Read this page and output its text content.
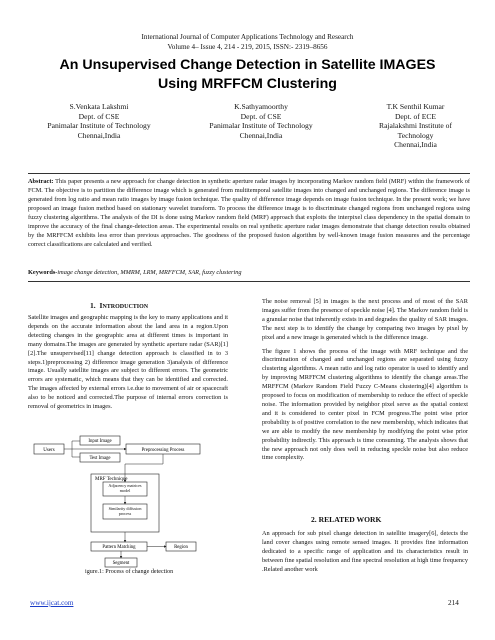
International Journal of Computer Applications Technology and Research
Volume 4– Issue 4, 214 - 219, 2015, ISSN:- 2319–8656
An Unsupervised Change Detection in Satellite IMAGES
Using MRFFCM Clustering
S.Venkata Lakshmi
Dept. of CSE
Panimalar Institute of Technology
Chennai,India
K.Sathyamoorthy
Dept. of CSE
Panimalar Institute of Technology
Chennai,India
T.K Senthil Kumar
Dept. of ECE
Rajalakshmi Institute of
Technology
Chennai,India
Abstract: This paper presents a new approach for change detection in synthetic aperture radar images by incorporating Markov random field (MRF) within the framework of FCM. The objective is to partition the difference image which is generated from multitemporal satellite images into changed and unchanged regions. The difference image is generated from log ratio and mean ratio images by image fusion technique. The quality of difference image depends on image fusion technique. In the present work; we have proposed an image fusion method based on stationary wavelet transform. To process the difference image is to discriminate changed regions from unchanged regions using fuzzy clustering algorithms. The analysis of the DI is done using Markov random field (MRF) approach that exploits the interpixel class dependency in the spatial domain to improve the accuracy of the final change-detection areas. The experimental results on real synthetic aperture radar images demonstrate that change detection results obtained by the MRFFCM exhibits less error than previous approaches. The goodness of the proposed fusion algorithm by well-known image fusion measures and the percentage correct classifications are calculated and verified.
Keywords-image change detection, MMRM, LRM, MRFFCM, SAR, fuzzy clustering
1. INTRODUCTION

Satellite images and geographic mapping is the key to many applications and it depends on the accurate information about the land area in a region.Upon detecting changes in the geographic area at different times is important in many domains.The images are generated by synthetic aperture radar (SAR)[1][2].The unsupervised[11] change detection approach is classified in to 3 steps.1)preprocessing 2) difference image generation 3)analysis of difference image. Usually satellite images are subject to different errors. The geometric errors are systematic, which means that they can be identified and corrected. The images affected by external errors i.e.due to movement of air or spacecraft also to be noticed and corrected.The purpose of internal errors correction is removal of geometrics in images.

Users
Input Image
Test Image
Preprocessing Process
MRF Technique
Adjacency matrices model
Similarity diffusion process
Pattern Matching	Region
Segment
igure.1: Process of change detection

The noise removal [5] in images is the next process and of most of the SAR images suffer from the presence of speckle noise [4]. The Markov random field is a granular noise that inherently exists in and degrades the quality of SAR images. The next step is to identify the change by comparing two images by pixel by pixel and a new image is generated which is the difference image.

The figure 1 shows the process of the image with MRF technique and the discrimination of changed and unchanged regions are separated using fuzzy clustering algorithms. A mean ratio and log ratio operator is used to identify and by improving MRFFCM clustering algorithms to identify the change areas.The MRFFCM (Markov Random Field Fuzzy C-Means clustering)[4] algorithm is proposed to focus on modification of membership to reduce the effect of speckle noise. The information provided by neighbor pixel serve as the spatial context and it is considered to center pixel in FCM progress.The point wise prior probability is of positive correlation to the new membership, which indicates that we are able to modify the new membership by modifying the point wise prior probability indirectly. This approach is time consuming. The analysis shows that the new approach not only does well in reducing speckle noise but also reduce time complexity.

2. RELATED WORK

An approach for sub pixel change detection in satellite imagery[6], detects the land cover changes using remote sensed images. It provides fine information dedicated to a specific range of application and its characteristics result in between fine spatial resolution and fine spectral resolution at high time frequency .Related another work

www.ijcat.com	214
